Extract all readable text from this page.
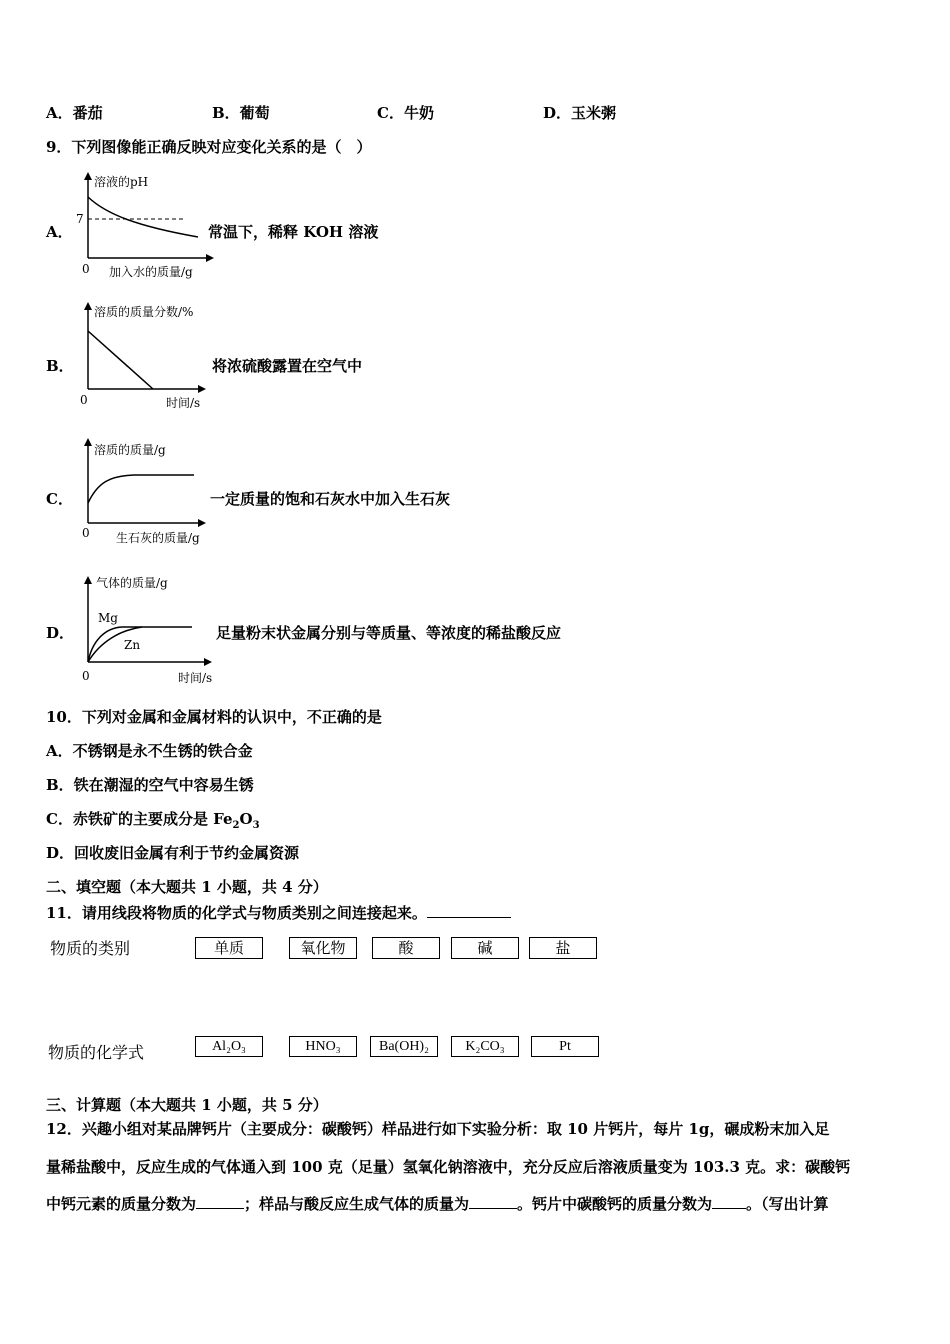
A．番茄	B．葡萄	C．牛奶	D．玉米粥
9．下列图像能正确反映对应变化关系的是（　）
A．
溶液的pH
7
0 加入水的质量/g
常温下，稀释 KOH 溶液
B．
溶质的质量分数/%
0	时间/s
将浓硫酸露置在空气中
C．
溶质的质量/g
0 生石灰的质量/g
一定质量的饱和石灰水中加入生石灰
D．
气体的质量/g
Mg
Zn
0	时间/s
足量粉末状金属分别与等质量、等浓度的稀盐酸反应
10．下列对金属和金属材料的认识中，不正确的是
A．不锈钢是永不生锈的铁合金
B．铁在潮湿的空气中容易生锈
C．赤铁矿的主要成分是 $Fe_2O_3$
D．回收废旧金属有利于节约金属资源
二、填空题（本大题共 1 小题，共 4 分）
11．请用线段将物质的化学式与物质类别之间连接起来。
物质的类别	单质	氧化物	酸	碱	盐
物质的化学式	Al₂O₃	HNO₃	Ba(OH)₂	K₂CO₃	Pt
三、计算题（本大题共 1 小题，共 5 分）
12．兴趣小组对某品牌钙片（主要成分：碳酸钙）样品进行如下实验分析：取 10 片钙片，每片 1g，碾成粉末加入足
量稀盐酸中，反应生成的气体通入到 100 克（足量）氢氧化钠溶液中，充分反应后溶液质量变为 103.3 克。求：碳酸钙
中钙元素的质量分数为	；样品与酸反应生成气体的质量为	。钙片中碳酸钙的质量分数为 。（写出计算
